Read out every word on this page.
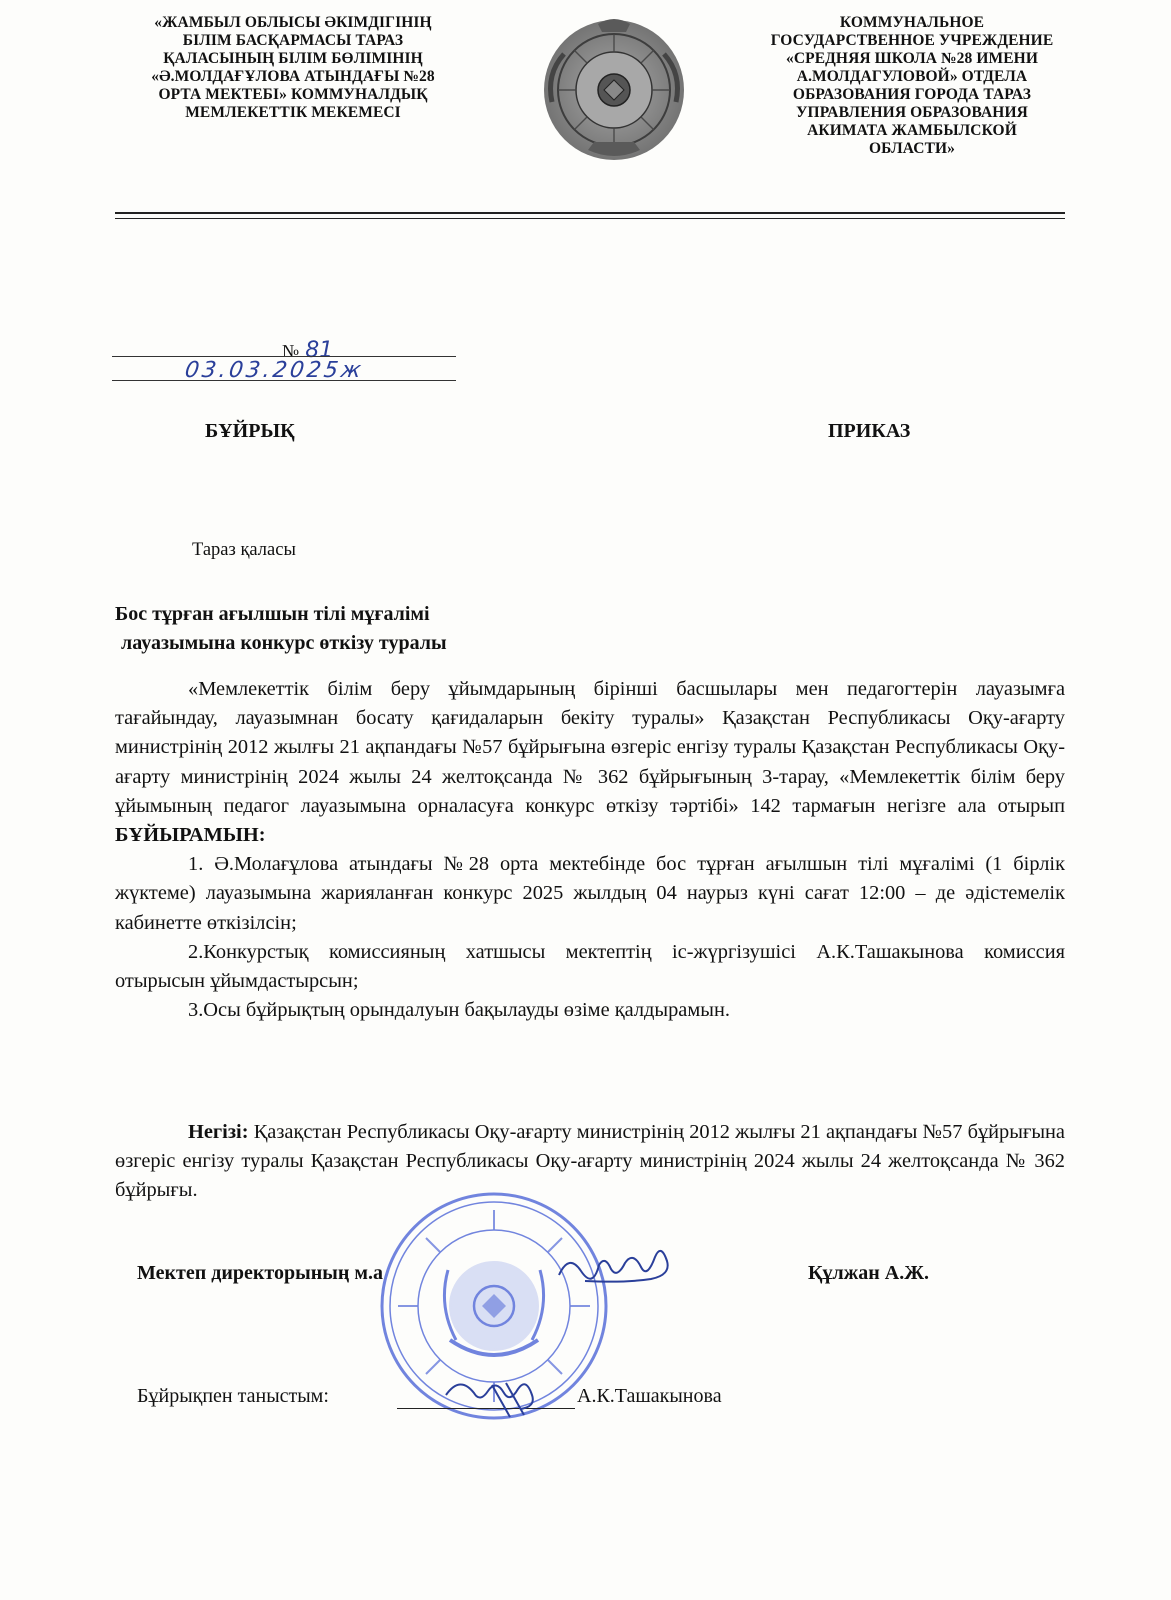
«ЖАМБЫЛ ОБЛЫСЫ ӘКІМДІГІНІҢ
БІЛІМ БАСҚАРМАСЫ ТАРАЗ
ҚАЛАСЫНЫҢ БІЛІМ БӨЛІМІНІҢ
«Ә.МОЛДАҒҰЛОВА АТЫНДАҒЫ №28
ОРТА МЕКТЕБІ» КОММУНАЛДЫҚ
МЕМЛЕКЕТТІК МЕКЕМЕСІ
КОММУНАЛЬНОЕ
ГОСУДАРСТВЕННОЕ УЧРЕЖДЕНИЕ
«СРЕДНЯЯ ШКОЛА №28 ИМЕНИ
А.МОЛДАГУЛОВОЙ» ОТДЕЛА
ОБРАЗОВАНИЯ ГОРОДА ТАРАЗ
УПРАВЛЕНИЯ ОБРАЗОВАНИЯ
АКИМАТА ЖАМБЫЛСКОЙ
ОБЛАСТИ»
№ 81
03.03.2025ж
БҰЙРЫҚ	ПРИКАЗ
Тараз қаласы
Бос тұрған ағылшын тілі мұғалімі
лауазымына конкурс өткізу туралы

«Мемлекеттік білім беру ұйымдарының бірінші басшылары мен педагогтерін лауазымға тағайындау, лауазымнан босату қағидаларын бекіту туралы» Қазақстан Республикасы Оқу-ағарту министрінің 2012 жылғы 21 ақпандағы №57 бұйрығына өзгеріс енгізу туралы Қазақстан Республикасы Оқу-ағарту министрінің 2024 жылы 24 желтоқсанда № 362 бұйрығының 3-тарау, «Мемлекеттік білім беру ұйымының педагог лауазымына орналасуға конкурс өткізу тәртібі» 142 тармағын негізге ала отырып БҰЙЫРАМЫН:

1. Ә.Молағұлова атындағы №28 орта мектебінде бос тұрған ағылшын тілі мұғалімі (1 бірлік жүктеме) лауазымына жарияланған конкурс 2025 жылдың 04 наурыз күні сағат 12:00 – де әдістемелік кабинетте өткізілсін;

2.Конкурстық комиссияның хатшысы мектептің іс-жүргізушісі А.К.Ташакынова комиссия отырысын ұйымдастырсын;

3.Осы бұйрықтың орындалуын бақылауды өзіме қалдырамын.

Негізі: Қазақстан Республикасы Оқу-ағарту министрінің 2012 жылғы 21 ақпандағы №57 бұйрығына өзгеріс енгізу туралы Қазақстан Республикасы Оқу-ағарту министрінің 2024 жылы 24 желтоқсанда № 362 бұйрығы.

Мектеп директорының м.а	Құлжан А.Ж.
Бұйрықпен таныстым:	А.К.Ташакынова
